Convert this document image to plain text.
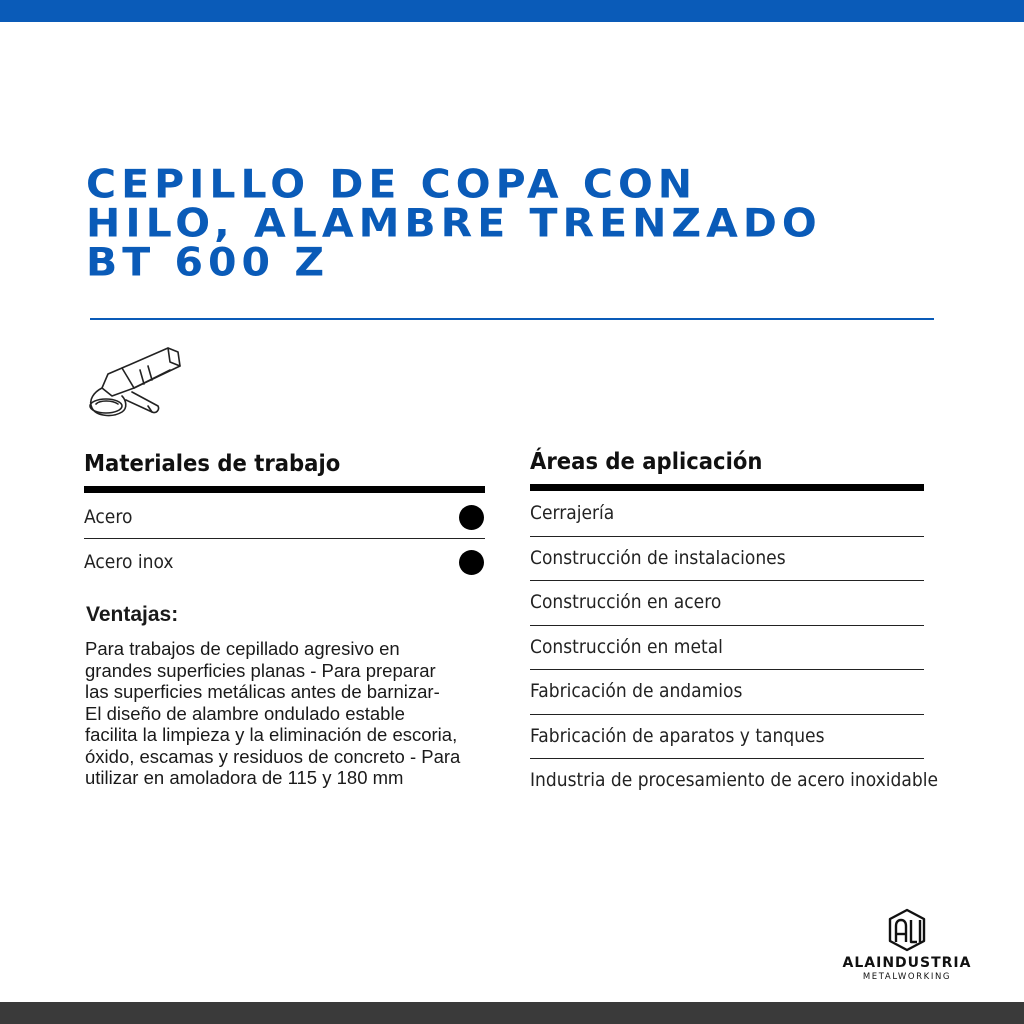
CEPILLO DE COPA CON
HILO, ALAMBRE TRENZADO
BT 600 Z
Materiales de trabajo
Acero
Acero inox
Ventajas:

Para trabajos de cepillado agresivo en
grandes superficies planas - Para preparar
las superficies metálicas antes de barnizar-
El diseño de alambre ondulado estable
facilita la limpieza y la eliminación de escoria,
óxido, escamas y residuos de concreto - Para
utilizar en amoladora de 115 y 180 mm

Áreas de aplicación
Cerrajería
Construcción de instalaciones
Construcción en acero
Construcción en metal
Fabricación de andamios
Fabricación de aparatos y tanques
Industria de procesamiento de acero inoxidable
ALAINDUSTRIA
METALWORKING
